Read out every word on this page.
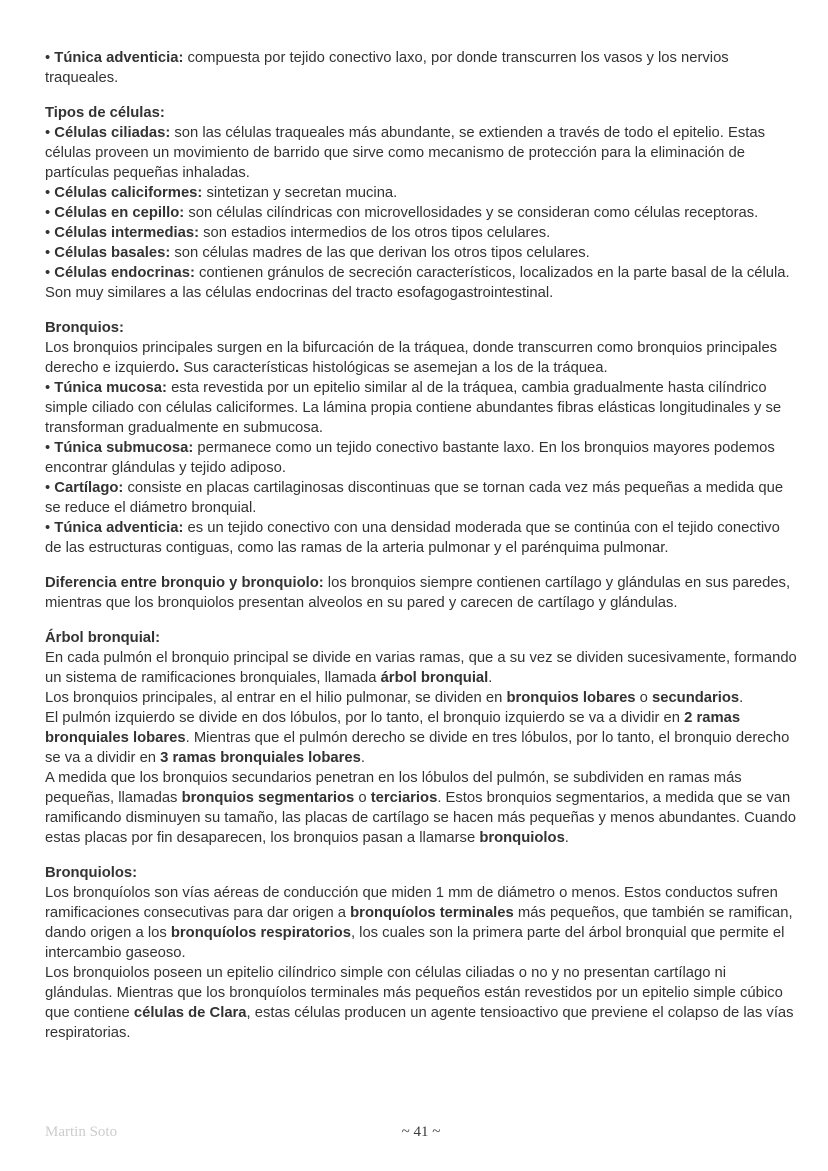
• Túnica adventicia: compuesta por tejido conectivo laxo, por donde transcurren los vasos y los nervios traqueales.

Tipos de células:

• Células ciliadas: son las células traqueales más abundante, se extienden a través de todo el epitelio. Estas células proveen un movimiento de barrido que sirve como mecanismo de protección para la eliminación de partículas pequeñas inhaladas.

• Células caliciformes: sintetizan y secretan mucina.

• Células en cepillo: son células cilíndricas con microvellosidades y se consideran como células receptoras.

• Células intermedias: son estadios intermedios de los otros tipos celulares.

• Células basales: son células madres de las que derivan los otros tipos celulares.

• Células endocrinas: contienen gránulos de secreción característicos, localizados en la parte basal de la célula. Son muy similares a las células endocrinas del tracto esofagogastrointestinal.

Bronquios:

Los bronquios principales surgen en la bifurcación de la tráquea, donde transcurren como bronquios principales derecho e izquierdo. Sus características histológicas se asemejan a los de la tráquea.

• Túnica mucosa: esta revestida por un epitelio similar al de la tráquea, cambia gradualmente hasta cilíndrico simple ciliado con células caliciformes. La lámina propia contiene abundantes fibras elásticas longitudinales y se transforman gradualmente en submucosa.

• Túnica submucosa: permanece como un tejido conectivo bastante laxo. En los bronquios mayores podemos encontrar glándulas y tejido adiposo.

• Cartílago: consiste en placas cartilaginosas discontinuas que se tornan cada vez más pequeñas a medida que se reduce el diámetro bronquial.

• Túnica adventicia: es un tejido conectivo con una densidad moderada que se continúa con el tejido conectivo de las estructuras contiguas, como las ramas de la arteria pulmonar y el parénquima pulmonar.

Diferencia entre bronquio y bronquiolo: los bronquios siempre contienen cartílago y glándulas en sus paredes, mientras que los bronquiolos presentan alveolos en su pared y carecen de cartílago y glándulas.

Árbol bronquial:

En cada pulmón el bronquio principal se divide en varias ramas, que a su vez se dividen sucesivamente, formando un sistema de ramificaciones bronquiales, llamada árbol bronquial.

Los bronquios principales, al entrar en el hilio pulmonar, se dividen en bronquios lobares o secundarios.

El pulmón izquierdo se divide en dos lóbulos, por lo tanto, el bronquio izquierdo se va a dividir en 2 ramas bronquiales lobares. Mientras que el pulmón derecho se divide en tres lóbulos, por lo tanto, el bronquio derecho se va a dividir en 3 ramas bronquiales lobares.

A medida que los bronquios secundarios penetran en los lóbulos del pulmón, se subdividen en ramas más pequeñas, llamadas bronquios segmentarios o terciarios. Estos bronquios segmentarios, a medida que se van ramificando disminuyen su tamaño, las placas de cartílago se hacen más pequeñas y menos abundantes. Cuando estas placas por fin desaparecen, los bronquios pasan a llamarse bronquiolos.

Bronquiolos:

Los bronquíolos son vías aéreas de conducción que miden 1 mm de diámetro o menos. Estos conductos sufren ramificaciones consecutivas para dar origen a bronquíolos terminales más pequeños, que también se ramifican, dando origen a los bronquíolos respiratorios, los cuales son la primera parte del árbol bronquial que permite el intercambio gaseoso.

Los bronquiolos poseen un epitelio cilíndrico simple con células ciliadas o no y no presentan cartílago ni glándulas. Mientras que los bronquíolos terminales más pequeños están revestidos por un epitelio simple cúbico que contiene células de Clara, estas células producen un agente tensioactivo que previene el colapso de las vías respiratorias.

Martin Soto	~ 41 ~
